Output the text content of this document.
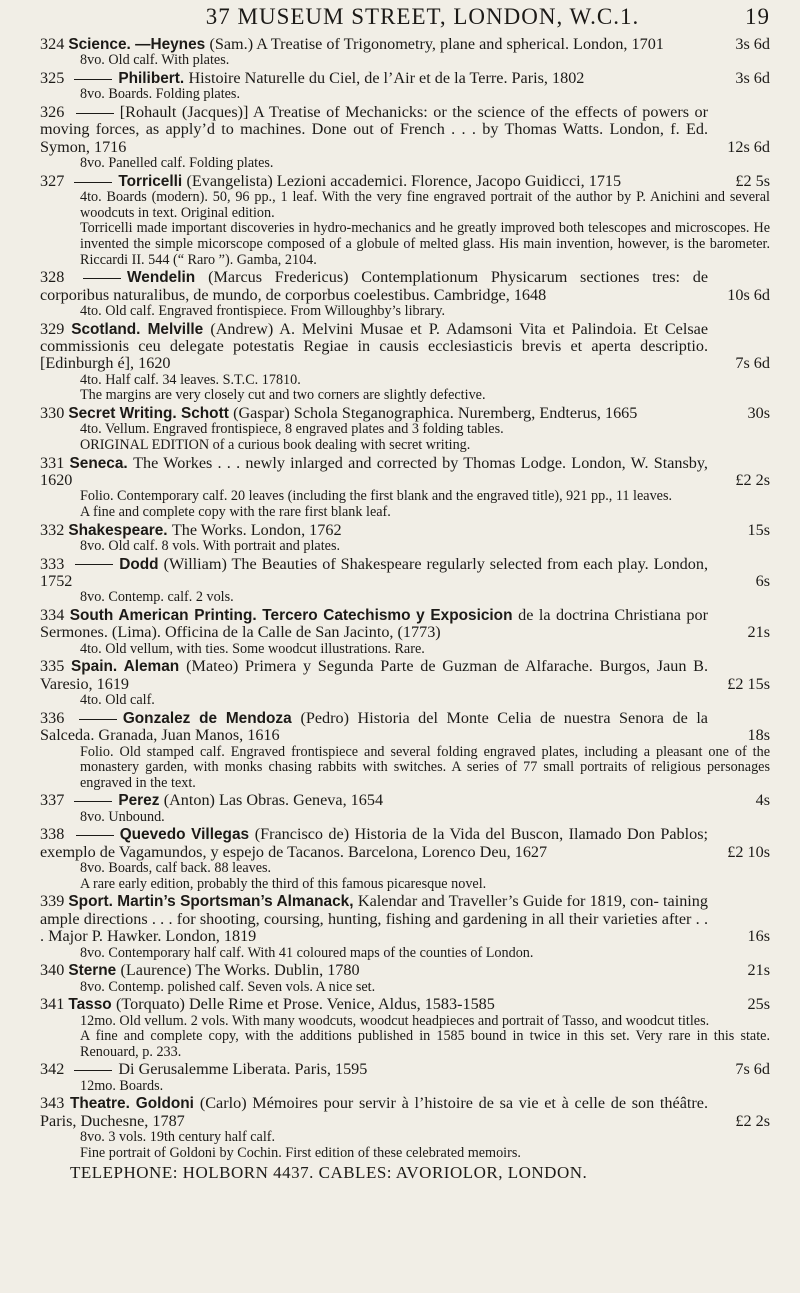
37 MUSEUM STREET, LONDON, W.C.1.	19
324 Science. —Heynes (Sam.) A Treatise of Trigonometry, plane and spherical. London, 1701	3s 6d
8vo. Old calf. With plates.
325	Philibert. Histoire Naturelle du Ciel, de l’Air et de la Terre. Paris, 1802	3s 6d
8vo. Boards. Folding plates.
326	[Rohault (Jacques)] A Treatise of Mechanicks: or the science of the effects of powers or moving forces, as apply’d to machines. Done out of French . . . by Thomas Watts. London, f. Ed. Symon, 1716	12s 6d
8vo. Panelled calf. Folding plates.
327	Torricelli (Evangelista) Lezioni accademici. Florence, Jacopo Guidicci, 1715	£2 5s
4to. Boards (modern). 50, 96 pp., 1 leaf. With the very fine engraved portrait of the author by P. Anichini and several woodcuts in text. Original edition.
Torricelli made important discoveries in hydro-mechanics and he greatly improved both telescopes and microscopes. He invented the simple micorscope composed of a globule of melted glass. His main invention, however, is the barometer. Riccardi II. 544 (“ Raro ”). Gamba, 2104.
328	Wendelin (Marcus Fredericus) Contemplationum Physicarum sectiones tres: de corporibus naturalibus, de mundo, de corporbus coelestibus. Cambridge, 1648	10s 6d
4to. Old calf. Engraved frontispiece. From Willoughby’s library.
329 Scotland. Melville (Andrew) A. Melvini Musae et P. Adamsoni Vita et Palindoia. Et Celsae commissionis ceu delegate potestatis Regiae in causis ecclesiasticis brevis et aperta descriptio. [Edinburgh é], 1620	7s 6d
4to. Half calf. 34 leaves. S.T.C. 17810.
The margins are very closely cut and two corners are slightly defective.
330 Secret Writing. Schott (Gaspar) Schola Steganographica. Nuremberg, Endterus, 1665	30s
4to. Vellum. Engraved frontispiece, 8 engraved plates and 3 folding tables.
ORIGINAL EDITION of a curious book dealing with secret writing.
331 Seneca. The Workes . . . newly inlarged and corrected by Thomas Lodge. London, W. Stansby, 1620	£2 2s
Folio. Contemporary calf. 20 leaves (including the first blank and the engraved title), 921 pp., 11 leaves.
A fine and complete copy with the rare first blank leaf.
332 Shakespeare. The Works. London, 1762	15s
8vo. Old calf. 8 vols. With portrait and plates.
333	Dodd (William) The Beauties of Shakespeare regularly selected from each play. London, 1752	6s
8vo. Contemp. calf. 2 vols.
334 South American Printing. Tercero Catechismo y Exposicion de la doctrina Christiana por Sermones. (Lima). Officina de la Calle de San Jacinto, (1773)	21s
4to. Old vellum, with ties. Some woodcut illustrations. Rare.
335 Spain. Aleman (Mateo) Primera y Segunda Parte de Guzman de Alfarache. Burgos, Jaun B. Varesio, 1619	£2 15s
4to. Old calf.
336	Gonzalez de Mendoza (Pedro) Historia del Monte Celia de nuestra Senora de la Salceda. Granada, Juan Manos, 1616	18s
Folio. Old stamped calf. Engraved frontispiece and several folding engraved plates, including a pleasant one of the monastery garden, with monks chasing rabbits with switches. A series of 77 small portraits of religious personages engraved in the text.
337	Perez (Anton) Las Obras. Geneva, 1654	4s
8vo. Unbound.
338	Quevedo Villegas (Francisco de) Historia de la Vida del Buscon, Ilamado Don Pablos; exemplo de Vagamundos, y espejo de Tacanos. Barcelona, Lorenco Deu, 1627	£2 10s
8vo. Boards, calf back. 88 leaves.
A rare early edition, probably the third of this famous picaresque novel.
339 Sport. Martin’s Sportsman’s Almanack, Kalendar and Traveller’s Guide for 1819, con- taining ample directions . . . for shooting, coursing, hunting, fishing and gardening in all their varieties after . . . Major P. Hawker. London, 1819	16s
8vo. Contemporary half calf. With 41 coloured maps of the counties of London.
340 Sterne (Laurence) The Works. Dublin, 1780	21s
8vo. Contemp. polished calf. Seven vols. A nice set.
341 Tasso (Torquato) Delle Rime et Prose. Venice, Aldus, 1583-1585	25s
12mo. Old vellum. 2 vols. With many woodcuts, woodcut headpieces and portrait of Tasso, and woodcut titles.
A fine and complete copy, with the additions published in 1585 bound in twice in this set. Very rare in this state. Renouard, p. 233.
342	Di Gerusalemme Liberata. Paris, 1595	7s 6d
12mo. Boards.
343 Theatre. Goldoni (Carlo) Mémoires pour servir à l’histoire de sa vie et à celle de son théâtre. Paris, Duchesne, 1787	£2 2s
8vo. 3 vols. 19th century half calf.
Fine portrait of Goldoni by Cochin. First edition of these celebrated memoirs.
TELEPHONE: HOLBORN 4437. CABLES: AVORIOLOR, LONDON.
